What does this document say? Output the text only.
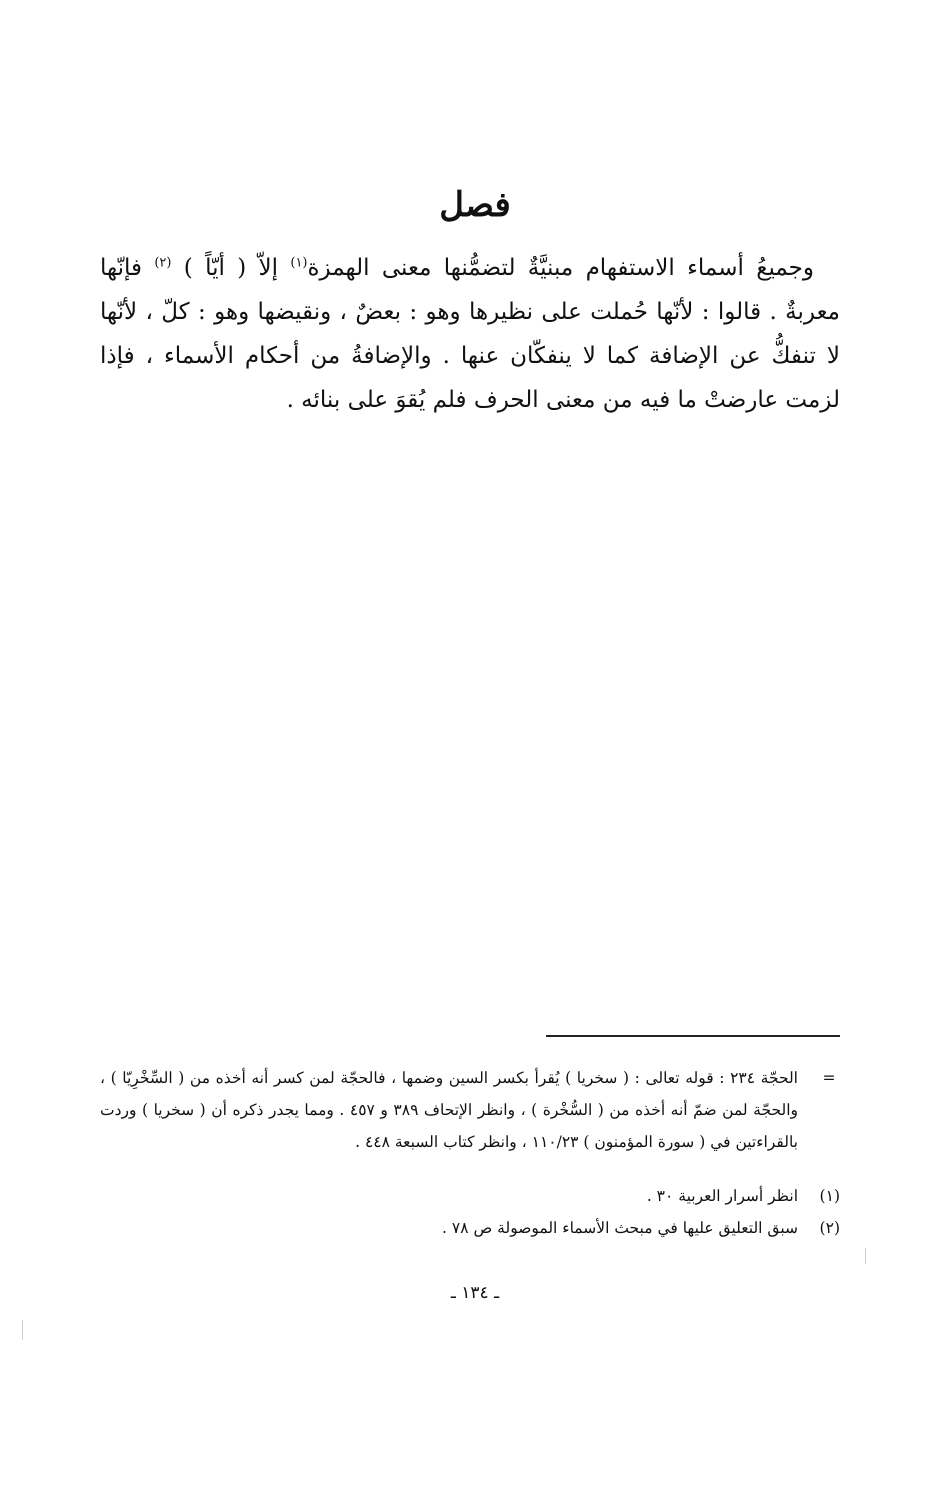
فصل

وجميعُ أسماء الاستفهام مبنيَّةٌ لتضمُّنها معنى الهمزة$^{(١)}$ إلاّ ( أيّاً ) $^{(٢)}$ فإنّها معربةٌ . قالوا : لأنّها حُملت على نظيرها وهو : بعضٌ ، ونقيضها وهو : كلّ ، لأنّها لا تنفكُّ عن الإضافة كما لا ينفكّان عنها . والإضافةُ من أحكام الأسماء ، فإذا لزمت عارضتْ ما فيه من معنى الحرف فلم يُقوَ على بنائه .

=
الحجّة ٢٣٤ : قوله تعالى : ( سخريا ) يُقرأ بكسر السين وضمها ، فالحجّة لمن كسر أنه أخذه من ( السِّخْرِيّا ) ، والحجّة لمن ضمّ أنه أخذه من ( السُّخْرة ) ، وانظر الإتحاف ٣٨٩ و ٤٥٧ . ومما يجدر ذكره أن ( سخريا ) وردت بالقراءتين في ( سورة المؤمنون ) ١١٠/٢٣ ، وانظر كتاب السبعة ٤٤٨ .
(١)
انظر أسرار العربية ٣٠ .
(٢)
سبق التعليق عليها في مبحث الأسماء الموصولة ص ٧٨ .
ـ ١٣٤ ـ
